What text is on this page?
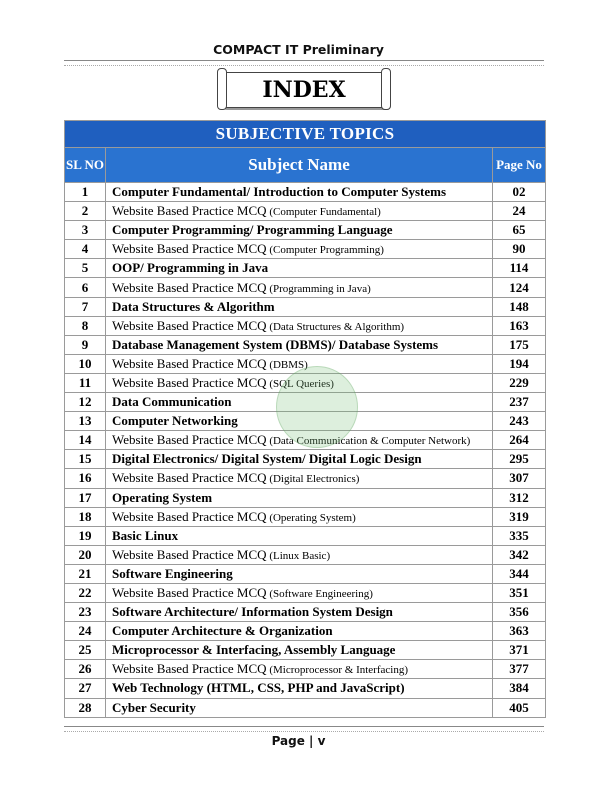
COMPACT IT Preliminary
INDEX
SUBJECTIVE TOPICS		
SL NO	Subject Name	Page No
1	Computer Fundamental/ Introduction to Computer Systems	02
2	Website Based Practice MCQ (Computer Fundamental)	24
3	Computer Programming/ Programming Language	65
4	Website Based Practice MCQ (Computer Programming)	90
5	OOP/ Programming in Java	114
6	Website Based Practice MCQ (Programming in Java)	124
7	Data Structures & Algorithm	148
8	Website Based Practice MCQ (Data Structures & Algorithm)	163
9	Database Management System (DBMS)/ Database Systems	175
10	Website Based Practice MCQ (DBMS)	194
11	Website Based Practice MCQ (SQL Queries)	229
12	Data Communication	237
13	Computer Networking	243
14	Website Based Practice MCQ (Data Communication & Computer Network)	264
15	Digital Electronics/ Digital System/ Digital Logic Design	295
16	Website Based Practice MCQ (Digital Electronics)	307
17	Operating System	312
18	Website Based Practice MCQ (Operating System)	319
19	Basic Linux	335
20	Website Based Practice MCQ (Linux Basic)	342
21	Software Engineering	344
22	Website Based Practice MCQ (Software Engineering)	351
23	Software Architecture/ Information System Design	356
24	Computer Architecture & Organization	363
25	Microprocessor & Interfacing, Assembly Language	371
26	Website Based Practice MCQ (Microprocessor & Interfacing)	377
27	Web Technology (HTML, CSS, PHP and JavaScript)	384
28	Cyber Security	405
Page | v
